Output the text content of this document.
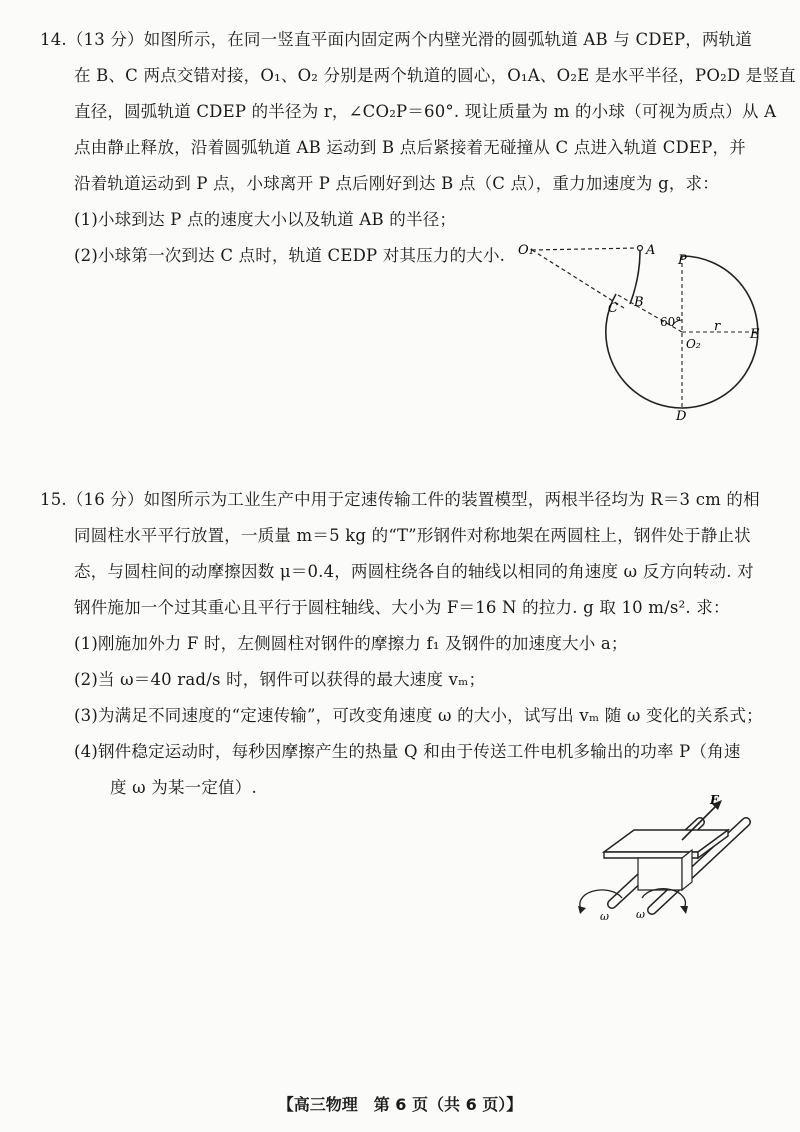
14.（13 分）如图所示，在同一竖直平面内固定两个内壁光滑的圆弧轨道 AB 与 CDEP，两轨道
在 B、C 两点交错对接，O₁、O₂ 分别是两个轨道的圆心，O₁A、O₂E 是水平半径，PO₂D 是竖直
直径，圆弧轨道 CDEP 的半径为 r，∠CO₂P＝60°. 现让质量为 m 的小球（可视为质点）从 A
点由静止释放，沿着圆弧轨道 AB 运动到 B 点后紧接着无碰撞从 C 点进入轨道 CDEP，并
沿着轨道运动到 P 点，小球离开 P 点后刚好到达 B 点（C 点），重力加速度为 g，求：
(1)小球到达 P 点的速度大小以及轨道 AB 的半径；
(2)小球第一次到达 C 点时，轨道 CEDP 对其压力的大小. O₁	A
B
C
P
60°	r
E
O₂
D
15.（16 分）如图所示为工业生产中用于定速传输工件的装置模型，两根半径均为 R＝3 cm 的相
同圆柱水平平行放置，一质量 m＝5 kg 的“T”形钢件对称地架在两圆柱上，钢件处于静止状
态，与圆柱间的动摩擦因数 μ＝0.4，两圆柱绕各自的轴线以相同的角速度 ω 反方向转动. 对
钢件施加一个过其重心且平行于圆柱轴线、大小为 F＝16 N 的拉力. g 取 10 m/s². 求：
(1)刚施加外力 F 时，左侧圆柱对钢件的摩擦力 f₁ 及钢件的加速度大小 a；
(2)当 ω＝40 rad/s 时，钢件可以获得的最大速度 vₘ；
(3)为满足不同速度的“定速传输”，可改变角速度 ω 的大小，试写出 vₘ 随 ω 变化的关系式；
(4)钢件稳定运动时，每秒因摩擦产生的热量 Q 和由于传送工件电机多输出的功率 P（角速
度 ω 为某一定值）.
F
ω ω
【高三物理　第 6 页（共 6 页）】
